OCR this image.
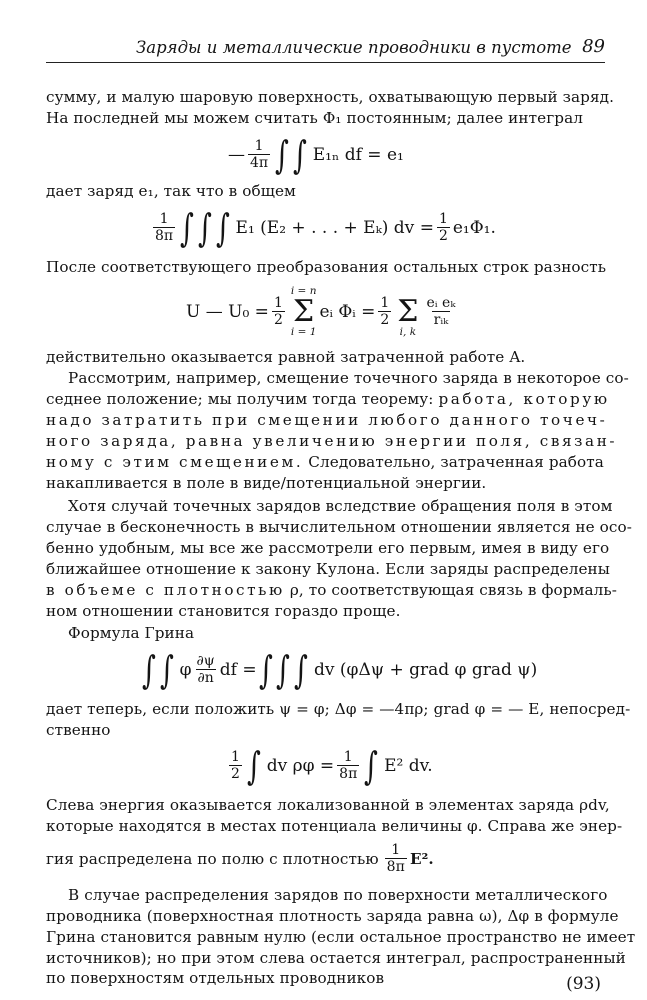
Заряды и металлические проводники в пустоте 89
сумму, и малую шаровую поверхность, охватывающую первый заряд.
На последней мы можем считать Φ₁ постоянным; далее интеграл
— $\frac{1}{4\pi}$ ∫ ∫ E₁ₙ df = e₁
дает заряд e₁, так что в общем
$\frac{1}{8\pi}$ ∫ ∫ ∫ E₁ (E₂ + . . . + Eₖ) dv = $\frac{1}{2} e_1\Phi_1$.
После соответствующего преобразования остальных строк разность
U — $U_0 = \frac{1}{2}$
i = n
Σ
i = 1
eᵢ Φᵢ = $\frac{1}{2}$
Σ
i, k
$\frac{\text{eᵢ eₖ}}{\text{rᵢₖ}}$
действительно оказывается равной затраченной работе A.
Рассмотрим, например, смещение точечного заряда в некоторое со-
седнее положение; мы получим тогда теорему: работа, которую
надо затратить при смещении любого данного точеч-
ного заряда, равна увеличению энергии поля, связан-
ному с этим смещением. Следовательно, затраченная работа
накапливается в поле в виде/потенциальной энергии.
Хотя случай точечных зарядов вследствие обращения поля в этом
случае в бесконечность в вычислительном отношении является не осо-
бенно удобным, мы все же рассмотрели его первым, имея в виду его
ближайшее отношение к закону Кулона. Если заряды распределены
в объеме с плотностью ρ, то соответствующая связь в формаль-
ном отношении становится гораздо проще.
Формула Грина
∫ ∫ φ $\frac{\partial\psi}{\partial n}$ df = ∫ ∫ ∫ dv (φΔψ + grad φ grad ψ)
дает теперь, если положить ψ = φ; Δφ = —4πρ; grad φ = — E, непосред-
ственно
$\frac{1}{2}$ ∫ dv $\rho\varphi = \frac{1}{8\pi}$ ∫ E² dv.
Слева энергия оказывается локализованной в элементах заряда ρdv,
которые находятся в местах потенциала величины φ. Справа же энер-
гия распределена по полю с плотностью $\frac{1}{8\pi} E^2$.
В случае распределения зарядов по поверхности металлического
проводника (поверхностная плотность заряда равна ω), Δφ в формуле
Грина становится равным нулю (если остальное пространство не имеет
источников); но при этом слева остается интеграл, распространенный
по поверхностям отдельных проводников	(93)
